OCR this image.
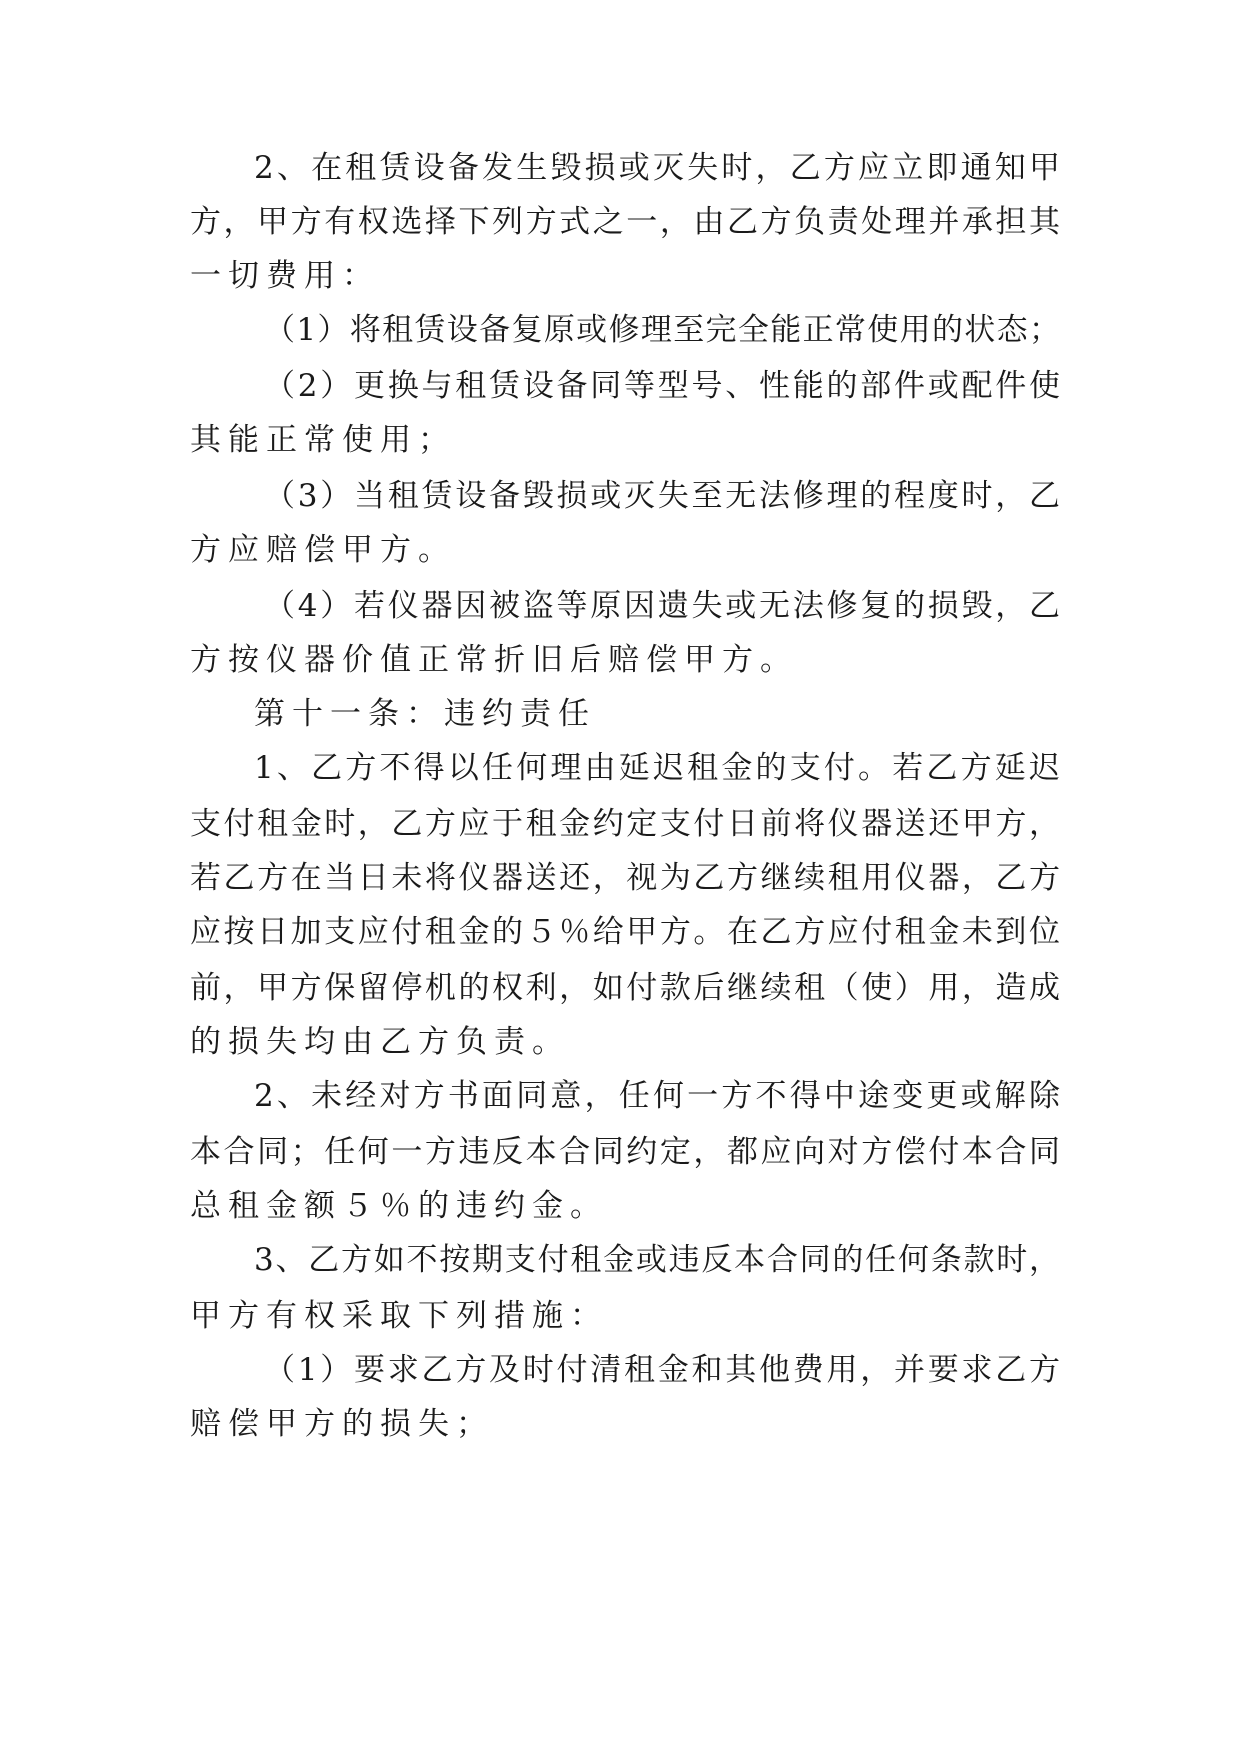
2、在租赁设备发生毁损或灭失时，乙方应立即通知甲
方，甲方有权选择下列方式之一，由乙方负责处理并承担其
一切费用：
（1）将租赁设备复原或修理至完全能正常使用的状态；
（2）更换与租赁设备同等型号、性能的部件或配件使
其能正常使用；
（3）当租赁设备毁损或灭失至无法修理的程度时，乙
方应赔偿甲方。
（4）若仪器因被盗等原因遗失或无法修复的损毁，乙
方按仪器价值正常折旧后赔偿甲方。
第十一条：违约责任
1、乙方不得以任何理由延迟租金的支付。若乙方延迟
支付租金时，乙方应于租金约定支付日前将仪器送还甲方，
若乙方在当日未将仪器送还，视为乙方继续租用仪器，乙方
应按日加支应付租金的５％给甲方。在乙方应付租金未到位
前，甲方保留停机的权利，如付款后继续租（使）用，造成
的损失均由乙方负责。
2、未经对方书面同意，任何一方不得中途变更或解除
本合同；任何一方违反本合同约定，都应向对方偿付本合同
总租金额５％的违约金。
3、乙方如不按期支付租金或违反本合同的任何条款时，
甲方有权采取下列措施：
（1）要求乙方及时付清租金和其他费用，并要求乙方
赔偿甲方的损失；
